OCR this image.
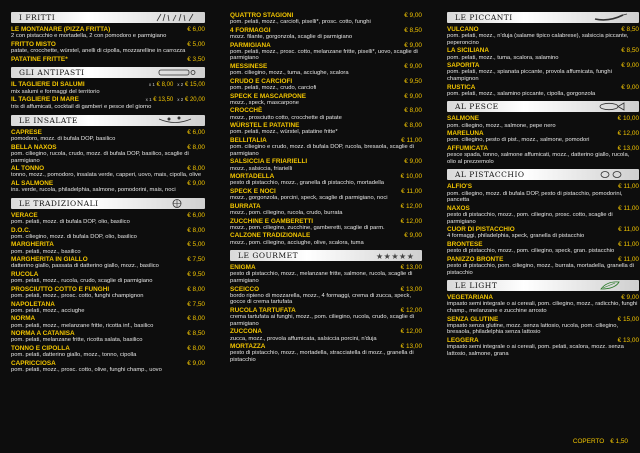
I FRITTI
LE MONTANARE (PIZZA FRITTA)	€ 6,00
2 con pistacchio e mortadella, 2 con pomodoro e parmigiano
FRITTO MISTO	€ 5,00
patate, crocchette, würstel, anelli di cipolla, mozzarelline in carrozza
PATATINE FRITTE*	€ 3,50
GLI ANTIPASTI
IL TAGLIERE DI SALUMI	x 1 € 8,00 x 2 € 15,00
mix salumi e formaggi del territorio
IL TAGLIERE DI MARE	x 1 € 13,50 x 2 € 20,00
tris di affumicati, cocktail di gamberi e pesce del giorno
LE INSALATE
CAPRESE	€ 6,00
pomodoro, mozz. di bufala DOP, basilico
BELLA NAXOS	€ 8,00
pom. ciliegino, rucola, crudo, mozz. di bufala DOP, basilico, scaglie di parmigiano
AL TONNO	€ 8,00
tonno, mozz., pomodoro, insalata verde, capperi, uovo, mais, cipolla, olive
AL SALMONE	€ 9,00
ins. verde, rucola, philadelphia, salmone, pomodorini, mais, noci
LE TRADIZIONALI
VERACE	€ 6,00
pom. pelati, mozz. di bufala DOP, olio, basilico
D.O.C.	€ 8,00
pom. ciliegino, mozz. di bufala DOP, olio, basilico
MARGHERITA	€ 5,00
pom. pelati, mozz., basilico
MARGHERITA IN GIALLO	€ 7,50
datterino giallo, passata di datterino giallo, mozz., basilico
RUCOLA	€ 9,50
pom. pelati, mozz., rucola, crudo, scaglie di parmigiano
PROSCIUTTO COTTO E FUNGHI	€ 8,00
pom. pelati, mozz., prosc. cotto, funghi champignon
NAPOLETANA	€ 7,50
pom. pelati, mozz., acciughe
NORMA	€ 8,00
pom. pelati, mozz., melanzane fritte, ricotta inf., basilico
NORMA A CATANISA	€ 8,50
pom. pelati, melanzane fritte, ricotta salata, basilico
TONNO E CIPOLLA	€ 8,00
pom. pelati, datterino giallo, mozz., tonno, cipolla
CAPRICCIOSA	€ 9,00
pom. pelati, mozz., prosc. cotto, olive, funghi champ., uovo
QUATTRO STAGIONI	€ 9,00
pom. pelati, mozz., carciofi, piselli*, prosc. cotto, funghi
4 FORMAGGI	€ 8,50
mozz. filante, gorgonzola, scaglie di parmigiano
PARMIGIANA	€ 9,00
pom. pelati, mozz., prosc. cotto, melanzane fritte, piselli*, uovo, scaglie di parmigiano
MESSINESE	€ 9,00
pom. ciliegino, mozz., tuma, acciughe, scalora
CRUDO E CARCIOFI	€ 9,50
pom. pelati, mozz., crudo, carciofi
SPECK E MASCARPONE	€ 9,00
mozz., speck, mascarpone
CROCCHÈ	€ 8,00
mozz., prosciutto cotto, crocchette di patate
WÜRSTEL E PATATINE	€ 8,00
pom. pelati, mozz., würstel, patatine fritte*
BELLITALIA	€ 11,00
pom. ciliegino e crudo, mozz. di bufala DOP, rucola, bresaola, scaglie di parmigiano
SALSICCIA E FRIARIELLI	€ 9,00
mozz., salsiccia, friarielli
MORTADELLA	€ 10,00
pesto di pistacchio, mozz., granella di pistacchio, mortadella
SPECK E NOCI	€ 11,00
mozz., gorgonzola, porcini, speck, scaglie di parmigiano, noci
BURRATA	€ 12,00
mozz., pom. ciliegino, rucola, crudo, burrata
ZUCCHINE E GAMBERETTI	€ 12,00
mozz., pom. ciliegino, zucchine, gamberetti, scaglie di parm.
CALZONE TRADIZIONALE	€ 9,00
mozz., pom. ciliegino, acciughe, olive, scalora, tuma
LE GOURMET	★★★★★
ENIGMA	€ 13,00
pesto di pistacchio, mozz., melanzane fritte, salmone, rucola, scaglie di parmigiano
SCEICCO	€ 13,00
bordo ripieno di mozzarella, mozz., 4 formaggi, crema di zucca, speck, gocce di crema tartufata
RUCOLA TARTUFATA	€ 12,00
crema tartufata ai funghi, mozz., pom. ciliegino, rucola, crudo, scaglie di parmigiano
ZUCCONA	€ 12,00
zucca, mozz., provola affumicata, salsiccia porcini, n'duja
MORTAZZA	€ 13,00
pesto di pistacchio, mozz., mortadella, stracciatella di mozz., granella di pistacchio
LE PICCANTI
VULCANO	€ 8,50
pom. pelati, mozz., n'duja (salame tipico calabrese), salsiccia piccante, peperoncino
LA SICILIANA	€ 8,50
pom. pelati, mozz., tuma, scalora, salamino
SAPORITA	€ 9,00
pom. pelati, mozz., spianata piccante, provola affumicata, funghi champignon
RUSTICA	€ 9,00
pom. pelati, mozz., salamino piccante, cipolla, gorgonzola
AL PESCE
SALMONE	€ 10,00
pom. ciliegino, mozz., salmone, pepe nero
MARELUNA	€ 12,00
pom. ciliegino, pesto di pist., mozz., salmone, pomodori
AFFUMICATA	€ 13,00
pesce spada, tonno, salmone affumicati, mozz., datterino giallo, rucola, olio al prezzemolo
AL PISTACCHIO
ALFIO'S	€ 11,00
pom. ciliegino, mozz. di bufala DOP, pesto di pistacchio, pomodorini, pancetta
NAXOS	€ 11,00
pesto di pistacchio, mozz., pom. ciliegino, prosc. cotto, scaglie di parmigiano
CUOR DI PISTACCHIO	€ 11,00
4 formaggi, philadelphia, speck, granella di pistacchio
BRONTESE	€ 11,00
pesto di pistacchio, mozz., pom. ciliegino, speck, gran. pistacchio
PANIZZO BRONTE	€ 11,00
pesto di pistacchio, pom. ciliegino, mozz., burrata, mortadella, granella di pistacchio
LE LIGHT
VEGETARIANA	€ 9,00
impasto semi integrale o ai cereali, pom. ciliegino, mozz., radicchio, funghi champ., melanzane e zucchine arrosto
SENZA GLUTINE	€ 15,00
impasto senza glutine, mozz. senza lattosio, rucola, pom. ciliegino, bresaola, philadelphia senza lattosio
LEGGERA	€ 13,00
impasto semi integrale o ai cereali, pom. pelati, scalora, mozz. senza lattosio, salmone, grana
COPERTO € 1,50
